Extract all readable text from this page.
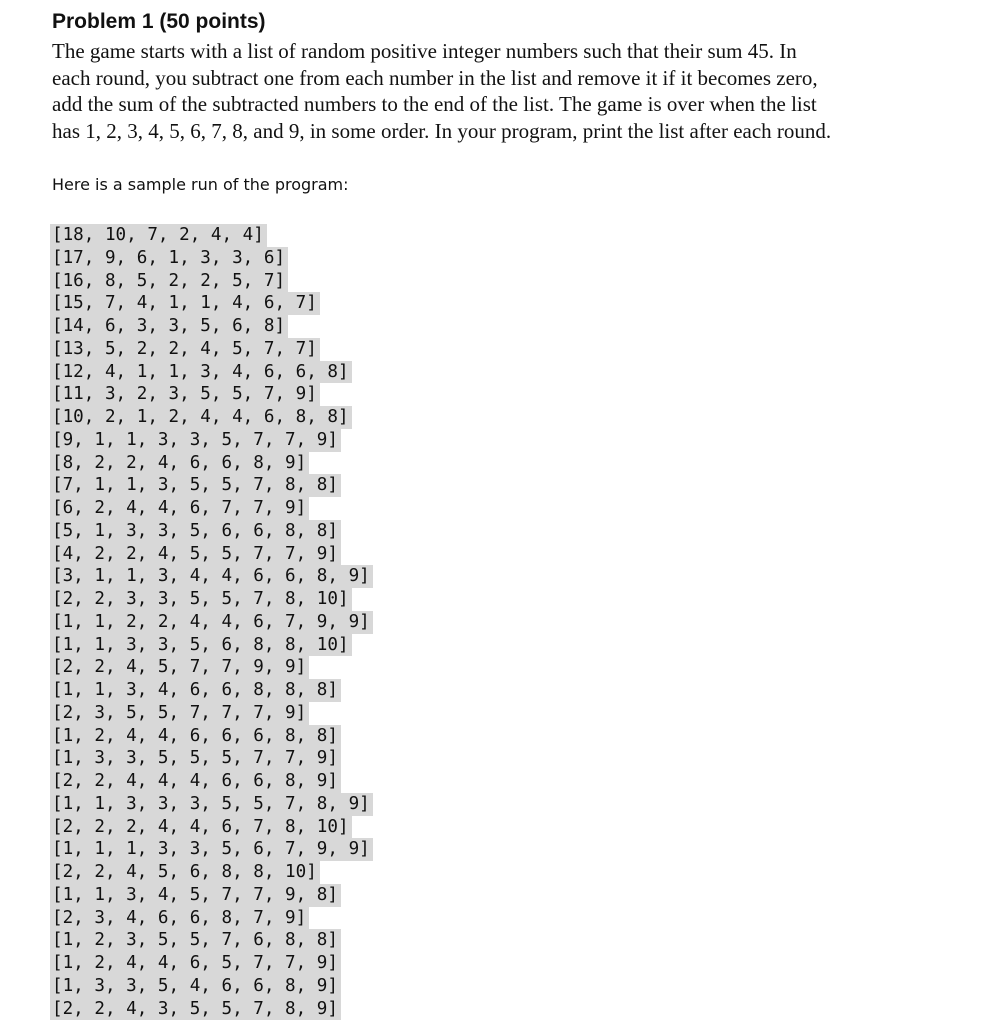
Problem 1 (50 points)
The game starts with a list of random positive integer numbers such that their sum 45. In
each round, you subtract one from each number in the list and remove it if it becomes zero,
add the sum of the subtracted numbers to the end of the list. The game is over when the list
has 1, 2, 3, 4, 5, 6, 7, 8, and 9, in some order. In your program, print the list after each round.

Here is a sample run of the program:

[18, 10, 7, 2, 4, 4]
[17, 9, 6, 1, 3, 3, 6]
[16, 8, 5, 2, 2, 5, 7]
[15, 7, 4, 1, 1, 4, 6, 7]
[14, 6, 3, 3, 5, 6, 8]
[13, 5, 2, 2, 4, 5, 7, 7]
[12, 4, 1, 1, 3, 4, 6, 6, 8]
[11, 3, 2, 3, 5, 5, 7, 9]
[10, 2, 1, 2, 4, 4, 6, 8, 8]
[9, 1, 1, 3, 3, 5, 7, 7, 9]
[8, 2, 2, 4, 6, 6, 8, 9]
[7, 1, 1, 3, 5, 5, 7, 8, 8]
[6, 2, 4, 4, 6, 7, 7, 9]
[5, 1, 3, 3, 5, 6, 6, 8, 8]
[4, 2, 2, 4, 5, 5, 7, 7, 9]
[3, 1, 1, 3, 4, 4, 6, 6, 8, 9]
[2, 2, 3, 3, 5, 5, 7, 8, 10]
[1, 1, 2, 2, 4, 4, 6, 7, 9, 9]
[1, 1, 3, 3, 5, 6, 8, 8, 10]
[2, 2, 4, 5, 7, 7, 9, 9]
[1, 1, 3, 4, 6, 6, 8, 8, 8]
[2, 3, 5, 5, 7, 7, 7, 9]
[1, 2, 4, 4, 6, 6, 6, 8, 8]
[1, 3, 3, 5, 5, 5, 7, 7, 9]
[2, 2, 4, 4, 4, 6, 6, 8, 9]
[1, 1, 3, 3, 3, 5, 5, 7, 8, 9]
[2, 2, 2, 4, 4, 6, 7, 8, 10]
[1, 1, 1, 3, 3, 5, 6, 7, 9, 9]
[2, 2, 4, 5, 6, 8, 8, 10]
[1, 1, 3, 4, 5, 7, 7, 9, 8]
[2, 3, 4, 6, 6, 8, 7, 9]
[1, 2, 3, 5, 5, 7, 6, 8, 8]
[1, 2, 4, 4, 6, 5, 7, 7, 9]
[1, 3, 3, 5, 4, 6, 6, 8, 9]
[2, 2, 4, 3, 5, 5, 7, 8, 9]
